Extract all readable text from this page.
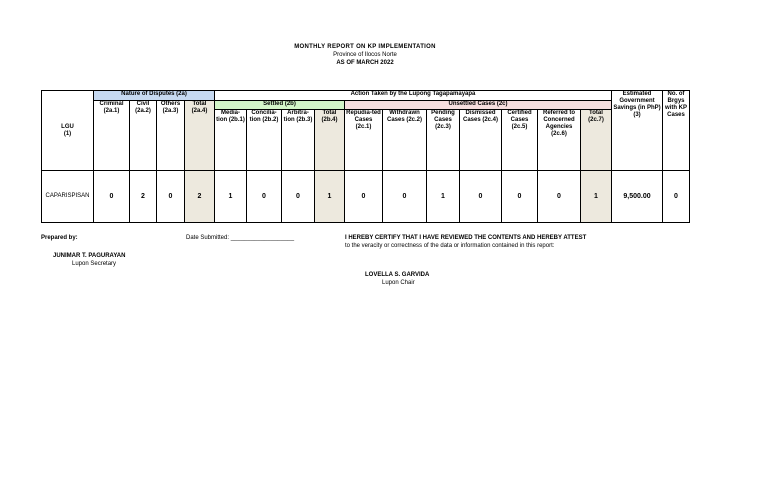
MONTHLY REPORT ON KP IMPLEMENTATION
Province of Ilocos Norte
AS OF MARCH 2022
LGU
(1)	Nature of Disputes (2a)				Action Taken by the Lupong Tagapamayapa											Estimated Government Savings (in PhP) (3)	No. of Brgys with KP Cases
	Criminal (2a.1)	Civil (2a.2)	Others (2a.3)	Total (2a.4)	Settled (2b)				Unsettled Cases (2c)								
					Media-tion (2b.1)	Concilia-tion (2b.2)	Arbitra-tion (2b.3)	Total (2b.4)	Repudia-ted Cases (2c.1)	Withdrawn Cases (2c.2)	Pending Cases (2c.3)	Dismissed Cases (2c.4)	Certified Cases (2c.5)	Referred to Concerned Agencies (2c.6)	Total (2c.7)		
CAPARISPISAN	0	2	0	2	1	0	0	1	0	0	1	0	0	0	1	9,500.00	0
Prepared by:	Date Submitted: ___________________	I HEREBY CERTIFY THAT I HAVE REVIEWED THE CONTENTS AND HEREBY ATTEST
to the veracity or correctness of the data or information contained in this report:
JUNIMAR T. PAGURAYAN
Lupon Secretary
LOVELLA S. GARVIDA
Lupon Chair
